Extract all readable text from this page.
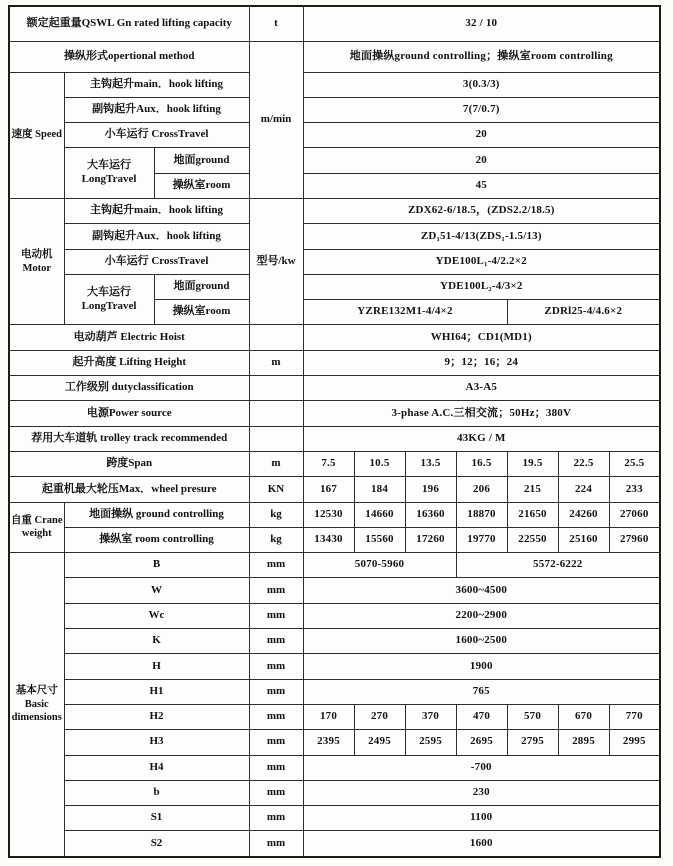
额定起重量QSWL Gn rated lifting capacity			t	32 / 10						
操纵形式opertional method			m/min	地面操纵ground controlling；操纵室room controlling						
速度 Speed	主钩起升main．hook lifting			3(0.3/3)						
	副钩起升Aux．hook lifting			7(7/0.7)						
	小车运行 CrossTravel			20						
	大车运行 LongTravel	地面ground		20						
		操纵室room		45						
电动机 Motor	主钩起升main．hook lifting		型号/kw	ZDX62-6/18.5，(ZDS2.2/18.5)						
	副钩起升Aux．hook lifting			ZD₁51-4/13(ZDS₁-1.5/13)						
	小车运行 CrossTravel			YDE100L₁-4/2.2×2						
	大车运行 LongTravel	地面ground		YDE100L₂-4/3×2						
		操纵室room		YZRE132M1-4/4×2				ZDRl25-4/4.6×2		
电动葫芦 Electric Hoist				WHI64；CD1(MD1)						
起升高度 Lifting Height			m	9；12；16；24						
工作级别 dutyclassification				A3-A5						
电源Power source				3-phase A.C.三相交流；50Hz；380V						
荐用大车道轨 trolley track recommended				43KG / M						
跨度Span			m	7.5	10.5	13.5	16.5	19.5	22.5	25.5
起重机最大轮压Max．wheel presure			KN	167	184	196	206	215	224	233
自重 Crane weight	地面操纵 ground controlling		kg	12530	14660	16360	18870	21650	24260	27060
	操纵室 room controlling		kg	13430	15560	17260	19770	22550	25160	27960
基本尺寸 Basic dimensions	B		mm	5070-5960			5572-6222			
	W		mm	3600~4500						
	Wc		mm	2200~2900						
	K		mm	1600~2500						
	H		mm	1900						
	H1		mm	765						
	H2		mm	170	270	370	470	570	670	770
	H3		mm	2395	2495	2595	2695	2795	2895	2995
	H4		mm	-700						
	b		mm	230						
	S1		mm	1100						
	S2		mm	1600						
